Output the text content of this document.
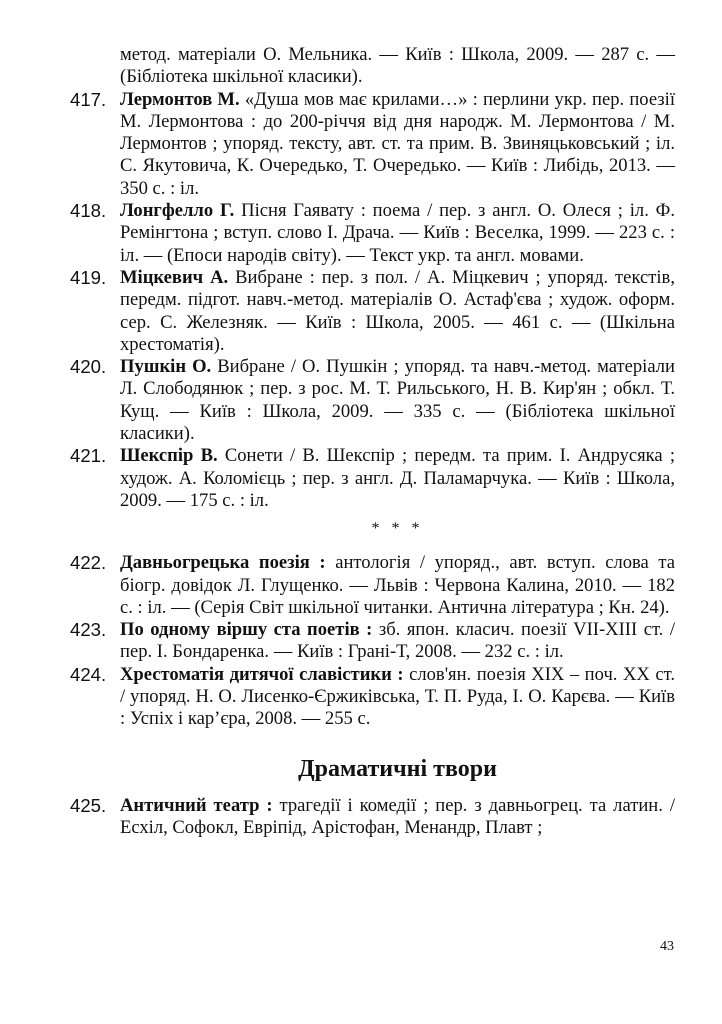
метод. матеріали О. Мельника. — Київ : Школа, 2009. — 287 с. — (Бібліотека шкільної класики).
417. Лермонтов М. «Душа мов має крилами…» : перлини укр. пер. поезії М. Лермонтова : до 200-річчя від дня народж. М. Лермонтова / М. Лермонтов ; упоряд. тексту, авт. ст. та прим. В. Звиняцьковський ; іл. С. Якутовича, К. Очередько, Т. Очередько. — Київ : Либідь, 2013. — 350 с. : іл.
418. Лонгфелло Г. Пісня Гаявату : поема / пер. з англ. О. Олеся ; іл. Ф. Ремінгтона ; вступ. слово І. Драча. — Київ : Веселка, 1999. — 223 с. : іл. — (Епоси народів світу). — Текст укр. та англ. мовами.
419. Міцкевич А. Вибране : пер. з пол. / А. Міцкевич ; упоряд. текстів, передм. підгот. навч.-метод. матеріалів О. Астаф'єва ; худож. оформ. сер. С. Железняк. — Київ : Школа, 2005. — 461 с. — (Шкільна хрестоматія).
420. Пушкін О. Вибране / О. Пушкін ; упоряд. та навч.-метод. матеріали Л. Слободянюк ; пер. з рос. М. Т. Рильського, Н. В. Кир'ян ; обкл. Т. Кущ. — Київ : Школа, 2009. — 335 с. — (Бібліотека шкільної класики).
421. Шекспір В. Сонети / В. Шекспір ; передм. та прим. І. Андрусяка ; худож. А. Коломієць ; пер. з англ. Д. Паламарчука. — Київ : Школа, 2009. — 175 с. : іл.
* * *
422. Давньогрецька поезія : антологія / упоряд., авт. вступ. слова та біогр. довідок Л. Глущенко. — Львів : Червона Калина, 2010. — 182 с. : іл. — (Серія Світ шкільної читанки. Антична література ; Кн. 24).
423. По одному віршу ста поетів : зб. япон. класич. поезії VII-XIII ст. / пер. І. Бондаренка. — Київ : Грані-Т, 2008. — 232 с. : іл.
424. Хрестоматія дитячої славістики : слов'ян. поезія XIX – поч. XX ст. / упоряд. Н. О. Лисенко-Єржиківська, Т. П. Руда, І. О. Карєва. — Київ : Успіх і кар’єра, 2008. — 255 с.
Драматичні твори
425. Античний театр : трагедії і комедії ; пер. з давньогрец. та латин. / Есхіл, Софокл, Евріпід, Арістофан, Менандр, Плавт ;
43
